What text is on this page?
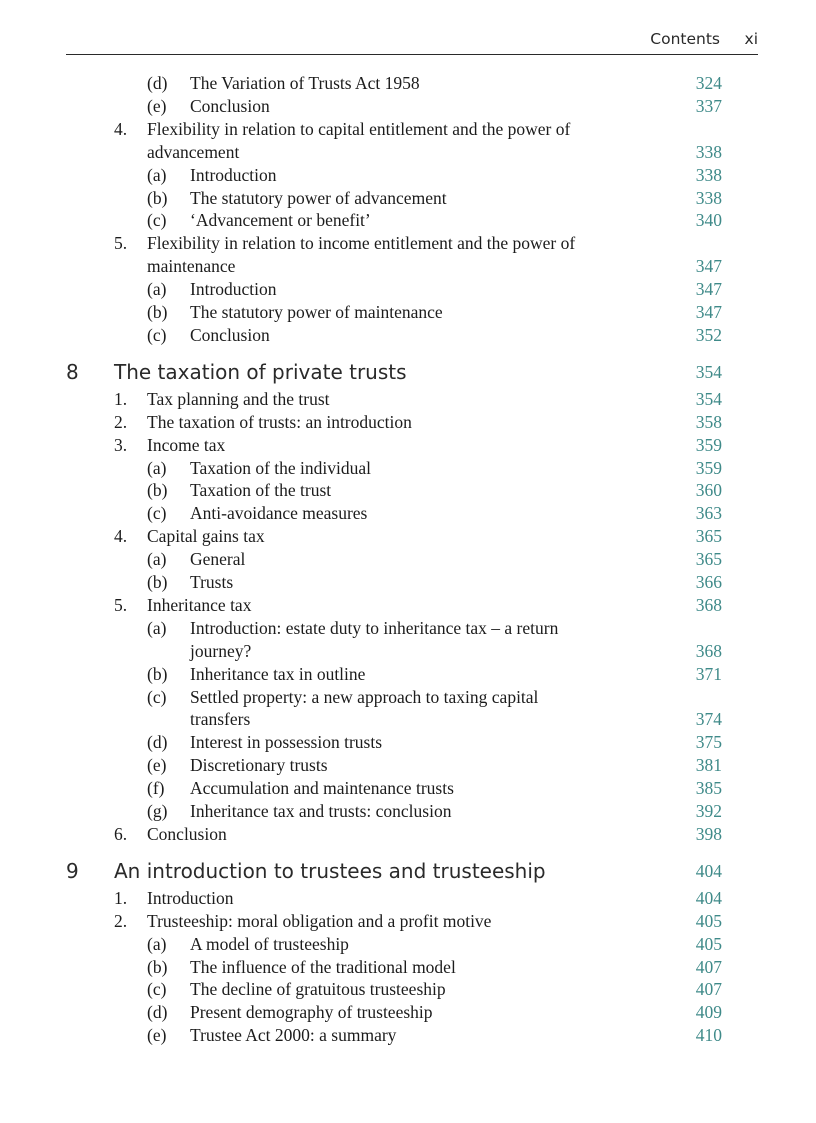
Contents xi
(d) The Variation of Trusts Act 1958	324
(e) Conclusion	337
4. Flexibility in relation to capital entitlement and the power of
advancement	338
(a) Introduction	338
(b) The statutory power of advancement	338
(c) ‘Advancement or benefit’	340
5. Flexibility in relation to income entitlement and the power of
maintenance	347
(a) Introduction	347
(b) The statutory power of maintenance	347
(c) Conclusion	352
8 The taxation of private trusts	354
1. Tax planning and the trust	354
2. The taxation of trusts: an introduction	358
3. Income tax	359
(a) Taxation of the individual	359
(b) Taxation of the trust	360
(c) Anti-avoidance measures	363
4. Capital gains tax	365
(a) General	365
(b) Trusts	366
5. Inheritance tax	368
(a) Introduction: estate duty to inheritance tax – a return
journey?	368
(b) Inheritance tax in outline	371
(c) Settled property: a new approach to taxing capital
transfers	374
(d) Interest in possession trusts	375
(e) Discretionary trusts	381
(f) Accumulation and maintenance trusts	385
(g) Inheritance tax and trusts: conclusion	392
6. Conclusion	398
9 An introduction to trustees and trusteeship	404
1. Introduction	404
2. Trusteeship: moral obligation and a profit motive	405
(a) A model of trusteeship	405
(b) The influence of the traditional model	407
(c) The decline of gratuitous trusteeship	407
(d) Present demography of trusteeship	409
(e) Trustee Act 2000: a summary	410
